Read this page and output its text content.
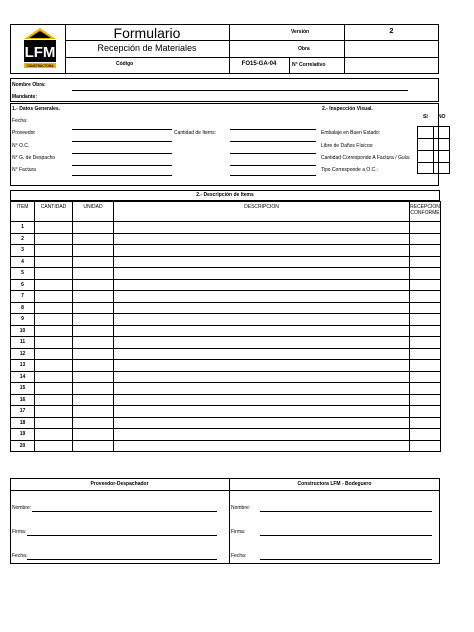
LFM
CONSTRUCTORA
Formulario
Recepción de Materiales
Código	FO15-GA-04
Versión	2
Obra
N° Correlativo
Nombre Obra:
Mandante:
1.- Datos Generales.
Fecha:
Proveedor	Cantidad de Items:
N° O.C.
N° G. de Despacho
N° Factura
2.- Inspección Visual.
SI NO
Embalaje en Buen Estado:
Libre de Daños Físicos:
Cantidad Corresponde A Factura / Guía:
Tipo Corresponde a O.C.:
2.- Descripción de Items
ITEM	CANTIDAD	UNIDAD	DESCRIPCION	RECEPCION CONFORME
1				
2				
3				
4				
5				
6				
7				
8				
9				
10				
11				
12				
13				
14				
15				
16				
17				
18				
19				
20				
Proveedor-Despachador	Constructora LFM - Bodeguero
Nombre:
Firma:
Fecha:
Nombre:
Firma:
Fecha:
